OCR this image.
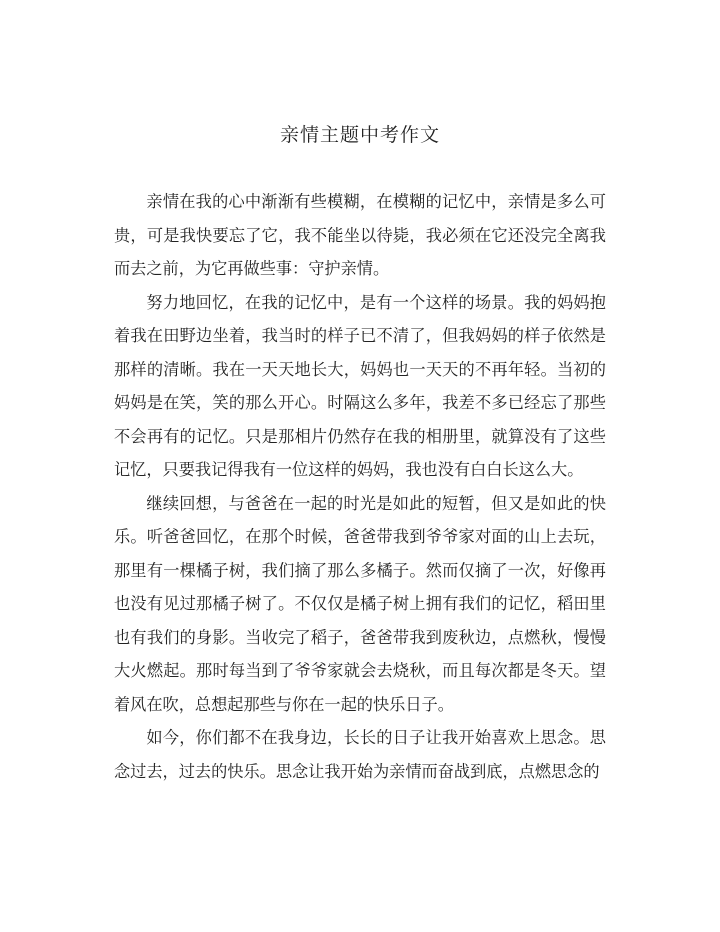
亲情主题中考作文

亲情在我的心中渐渐有些模糊，在模糊的记忆中，亲情是多么可贵，可是我快要忘了它，我不能坐以待毙，我必须在它还没完全离我而去之前，为它再做些事：守护亲情。

努力地回忆，在我的记忆中，是有一个这样的场景。我的妈妈抱着我在田野边坐着，我当时的样子已不清了，但我妈妈的样子依然是那样的清晰。我在一天天地长大，妈妈也一天天的不再年轻。当初的妈妈是在笑，笑的那么开心。时隔这么多年，我差不多已经忘了那些不会再有的记忆。只是那相片仍然存在我的相册里，就算没有了这些记忆，只要我记得我有一位这样的妈妈，我也没有白白长这么大。

继续回想，与爸爸在一起的时光是如此的短暂，但又是如此的快乐。听爸爸回忆，在那个时候，爸爸带我到爷爷家对面的山上去玩，那里有一棵橘子树，我们摘了那么多橘子。然而仅摘了一次，好像再也没有见过那橘子树了。不仅仅是橘子树上拥有我们的记忆，稻田里也有我们的身影。当收完了稻子，爸爸带我到废秋边，点燃秋，慢慢大火燃起。那时每当到了爷爷家就会去烧秋，而且每次都是冬天。望着风在吹，总想起那些与你在一起的快乐日子。

如今，你们都不在我身边，长长的日子让我开始喜欢上思念。思念过去，过去的快乐。思念让我开始为亲情而奋战到底，点燃思念的
